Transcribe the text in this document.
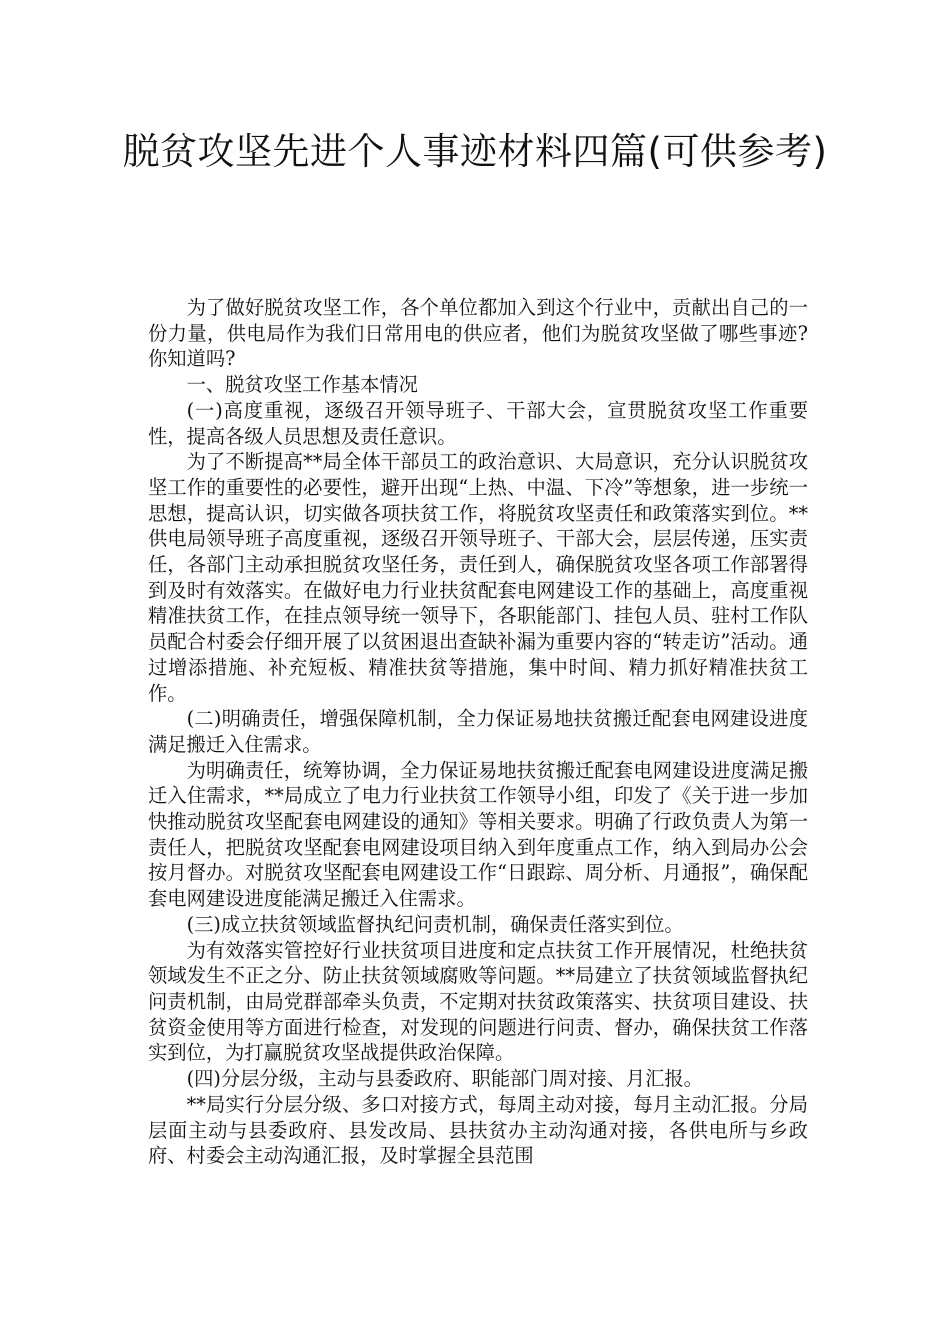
脱贫攻坚先进个人事迹材料四篇(可供参考)

为了做好脱贫攻坚工作，各个单位都加入到这个行业中，贡献出自己的一份力量，供电局作为我们日常用电的供应者，他们为脱贫攻坚做了哪些事迹?你知道吗?

一、脱贫攻坚工作基本情况

(一)高度重视，逐级召开领导班子、干部大会，宣贯脱贫攻坚工作重要性，提高各级人员思想及责任意识。

为了不断提高**局全体干部员工的政治意识、大局意识，充分认识脱贫攻坚工作的重要性的必要性，避开出现“上热、中温、下冷”等想象，进一步统一思想，提高认识，切实做各项扶贫工作，将脱贫攻坚责任和政策落实到位。**供电局领导班子高度重视，逐级召开领导班子、干部大会，层层传递，压实责任，各部门主动承担脱贫攻坚任务，责任到人，确保脱贫攻坚各项工作部署得到及时有效落实。在做好电力行业扶贫配套电网建设工作的基础上，高度重视精准扶贫工作，在挂点领导统一领导下，各职能部门、挂包人员、驻村工作队员配合村委会仔细开展了以贫困退出查缺补漏为重要内容的“转走访”活动。通过增添措施、补充短板、精准扶贫等措施，集中时间、精力抓好精准扶贫工作。

(二)明确责任，增强保障机制，全力保证易地扶贫搬迁配套电网建设进度满足搬迁入住需求。

为明确责任，统筹协调，全力保证易地扶贫搬迁配套电网建设进度满足搬迁入住需求，**局成立了电力行业扶贫工作领导小组，印发了《关于进一步加快推动脱贫攻坚配套电网建设的通知》等相关要求。明确了行政负责人为第一责任人，把脱贫攻坚配套电网建设项目纳入到年度重点工作，纳入到局办公会按月督办。对脱贫攻坚配套电网建设工作“日跟踪、周分析、月通报”，确保配套电网建设进度能满足搬迁入住需求。

(三)成立扶贫领域监督执纪问责机制，确保责任落实到位。

为有效落实管控好行业扶贫项目进度和定点扶贫工作开展情况，杜绝扶贫领域发生不正之分、防止扶贫领域腐败等问题。**局建立了扶贫领域监督执纪问责机制，由局党群部牵头负责，不定期对扶贫政策落实、扶贫项目建设、扶贫资金使用等方面进行检查，对发现的问题进行问责、督办，确保扶贫工作落实到位，为打赢脱贫攻坚战提供政治保障。

(四)分层分级，主动与县委政府、职能部门周对接、月汇报。

**局实行分层分级、多口对接方式，每周主动对接，每月主动汇报。分局层面主动与县委政府、县发改局、县扶贫办主动沟通对接，各供电所与乡政府、村委会主动沟通汇报，及时掌握全县范围
